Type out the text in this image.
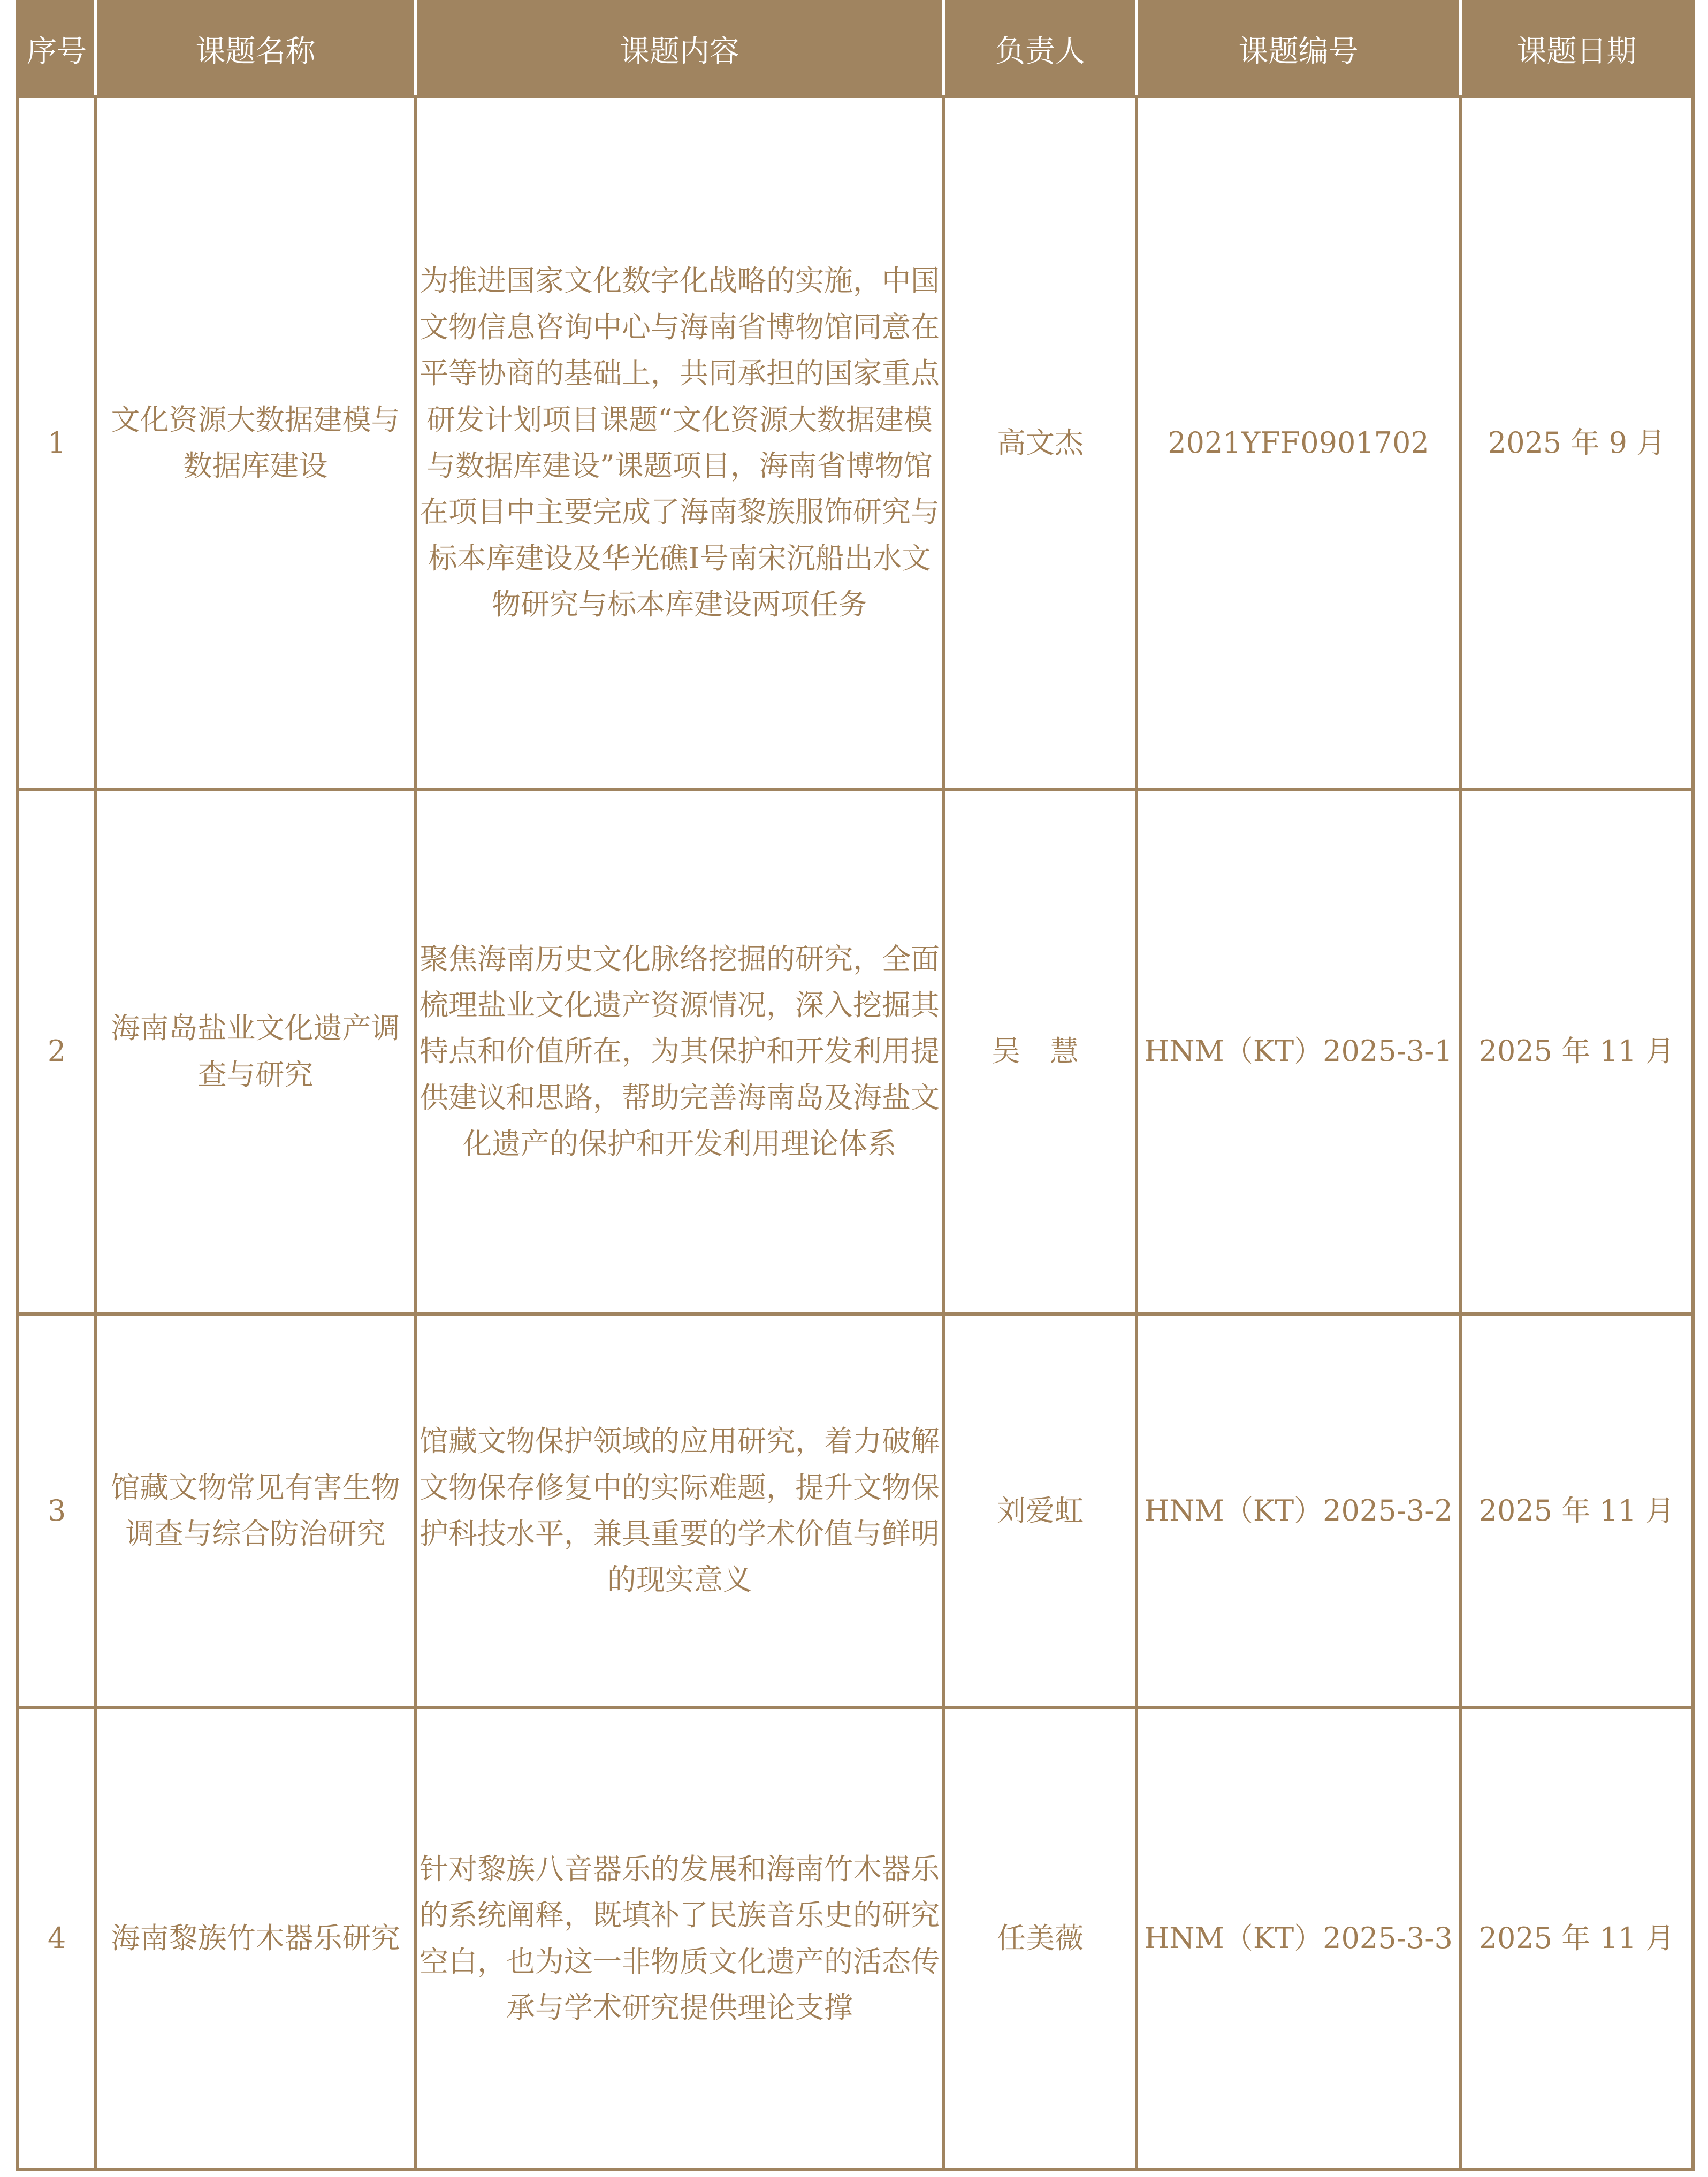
序号	课题名称	课题内容	负责人	课题编号	课题日期
1	文化资源大数据建模与数据库建设	为推进国家文化数字化战略的实施，中国文物信息咨询中心与海南省博物馆同意在平等协商的基础上，共同承担的国家重点研发计划项目课题“文化资源大数据建模与数据库建设”课题项目，海南省博物馆在项目中主要完成了海南黎族服饰研究与标本库建设及华光礁Ⅰ号南宋沉船出水文物研究与标本库建设两项任务	高文杰	2021YFF0901702	2025 年 9 月
2	海南岛盐业文化遗产调查与研究	聚焦海南历史文化脉络挖掘的研究，全面梳理盐业文化遗产资源情况，深入挖掘其特点和价值所在，为其保护和开发利用提供建议和思路，帮助完善海南岛及海盐文化遗产的保护和开发利用理论体系	吴 慧	HNM（KT）2025-3-1	2025 年 11 月
3	馆藏文物常见有害生物调查与综合防治研究	馆藏文物保护领域的应用研究，着力破解文物保存修复中的实际难题，提升文物保护科技水平，兼具重要的学术价值与鲜明的现实意义	刘爱虹	HNM（KT）2025-3-2	2025 年 11 月
4	海南黎族竹木器乐研究	针对黎族八音器乐的发展和海南竹木器乐的系统阐释，既填补了民族音乐史的研究空白，也为这一非物质文化遗产的活态传承与学术研究提供理论支撑	任美薇	HNM（KT）2025-3-3	2025 年 11 月
